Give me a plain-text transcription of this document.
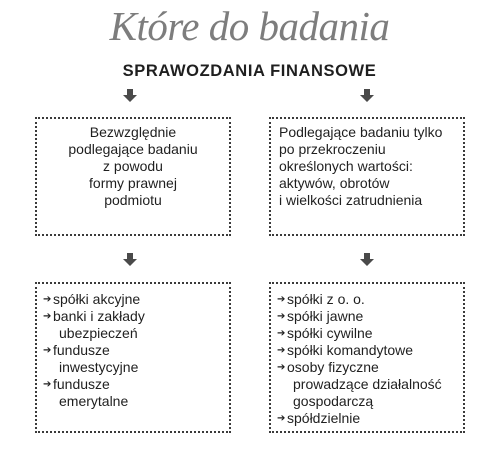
Które do badania
SPRAWOZDANIA FINANSOWE
Bezwzględnie
podlegające badaniu
z powodu
formy prawnej
podmiotu
Podlegające badaniu tylko
po przekroczeniu
określonych wartości:
aktywów, obrotów
i wielkości zatrudnienia
➔ spółki akcyjne
➔ banki i zakłady
ubezpieczeń
➔ fundusze
inwestycyjne
➔ fundusze
emerytalne
➔ spółki z o. o.
➔ spółki jawne
➔ spółki cywilne
➔ spółki komandytowe
➔ osoby fizyczne
prowadzące działalność
gospodarczą
➔ spółdzielnie
